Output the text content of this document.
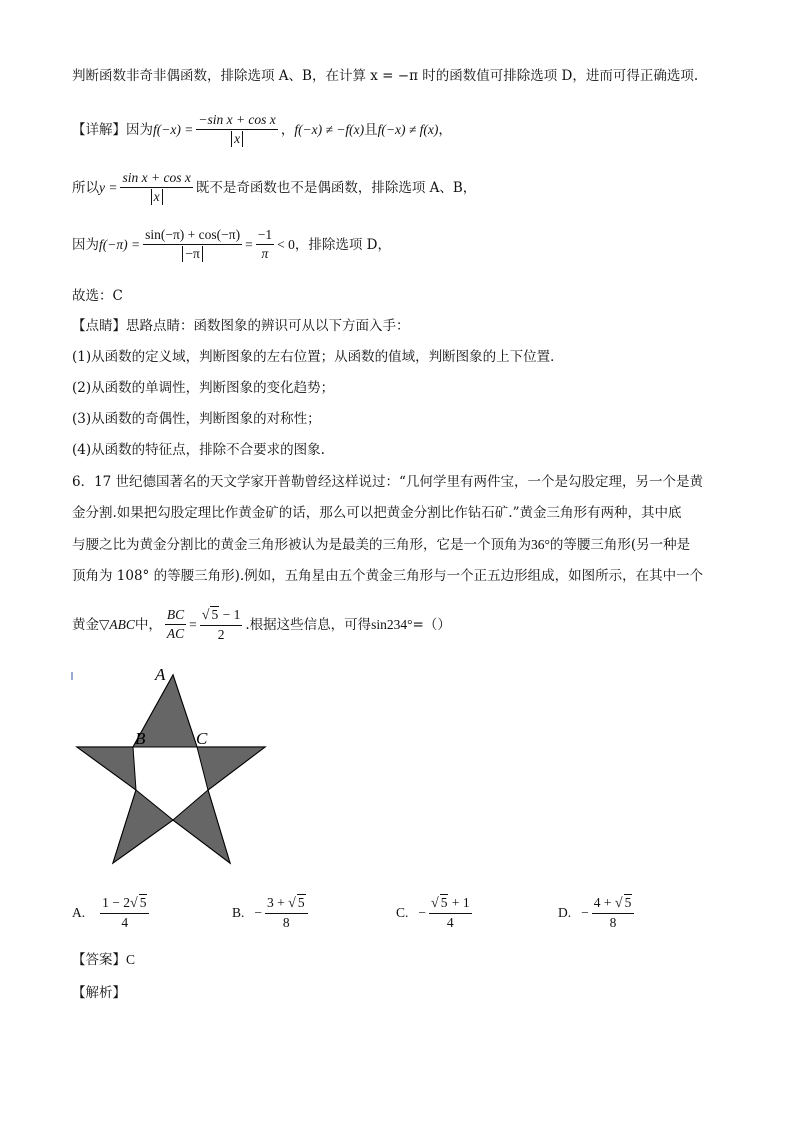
判断函数非奇非偶函数，排除选项 A、B，在计算 x = −π 时的函数值可排除选项 D，进而可得正确选项.
【详解】 因为 $f(-x) = \frac{\text{−sin x + cos x}}{x}$ ， f(−x) ≠ −f(x) 且 f(−x) ≠ f(x) ，
所以 $y = \frac{\text{sin x + cos x}}{x}$ 既不是奇函数也不是偶函数，排除选项 A、B，
因为 $f(-\pi) = \frac{\sin(-\pi) + \cos(-\pi)}{-\pi} = \frac{-1}{\pi} < 0$ ，排除选项 D，
故选：C
【点睛】 思路点睛：函数图象的辨识可从以下方面入手：
(1)从函数的定义域，判断图象的左右位置；从函数的值域，判断图象的上下位置．
(2)从函数的单调性，判断图象的变化趋势；
(3)从函数的奇偶性，判断图象的对称性；
(4)从函数的特征点，排除不合要求的图象.
6．17 世纪德国著名的天文学家开普勒曾经这样说过：“几何学里有两件宝，一个是勾股定理，另一个是黄
金分割.如果把勾股定理比作黄金矿的话，那么可以把黄金分割比作钻石矿.”黄金三角形有两种，其中底
与腰之比为黄金分割比的黄金三角形被认为是最美的三角形，它是一个顶角为 36° 的等腰三角形(另一种是
顶角为 108° 的等腰三角形).例如，五角星由五个黄金三角形与一个正五边形组成，如图所示，在其中一个
黄金 ▽ABC 中， $\frac{BC}{AC} = \frac{√ 5 - 1}{2}$ .根据这些信息，可得 sin234° =（）
A
B	C
A. $\frac{1 - 2√ 5}{4}$	B. − $\frac{3 + √ 5}{8}$	C. − $\frac{√ 5 + 1}{4}$	D. − $\frac{4 + √ 5}{8}$
【答案】 C
【解析】
